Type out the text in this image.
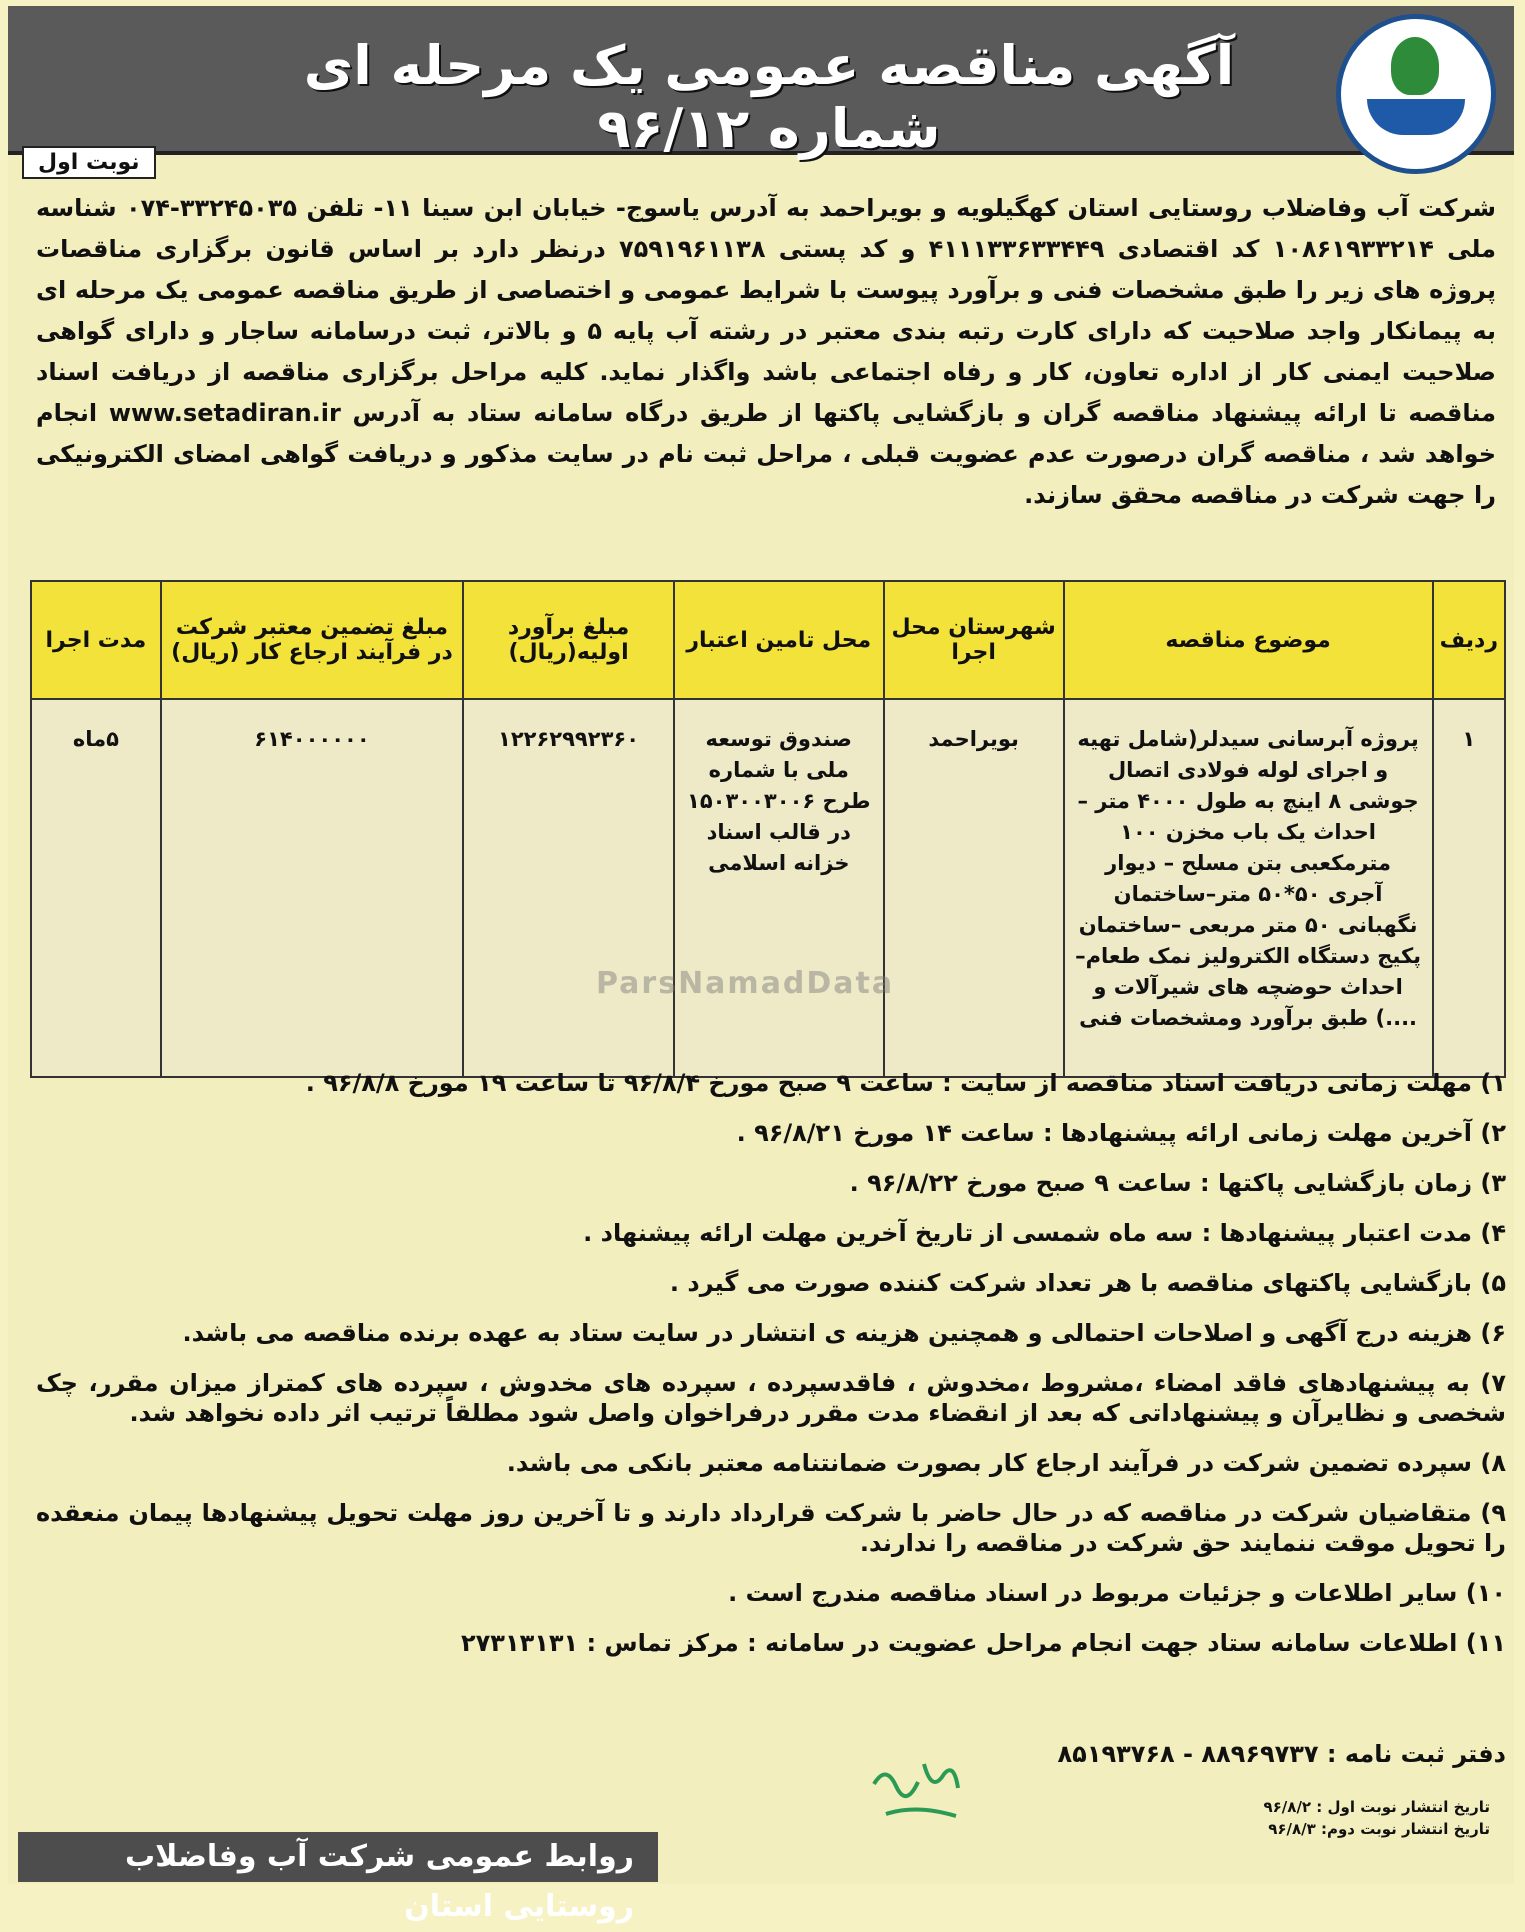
آگهی مناقصه عمومی یک مرحله ای شماره ۹۶/۱۲
نوبت اول
شرکت آب وفاضلاب روستایی استان کهگیلویه و بویراحمد به آدرس یاسوج- خیابان ابن سینا ۱۱- تلفن ۳۳۲۴۵۰۳۵-۰۷۴ شناسه ملی ۱۰۸۶۱۹۳۳۲۱۴ کد اقتصادی ۴۱۱۱۳۳۶۳۳۴۴۹ و کد پستی ۷۵۹۱۹۶۱۱۳۸ درنظر دارد بر اساس قانون برگزاری مناقصات پروژه های زیر را طبق مشخصات فنی و برآورد پیوست با شرایط عمومی و اختصاصی از طریق مناقصه عمومی یک مرحله ای به پیمانکار واجد صلاحیت که دارای کارت رتبه بندی معتبر در رشته آب پایه ۵ و بالاتر، ثبت درسامانه ساجار و دارای گواهی صلاحیت ایمنی کار از اداره تعاون، کار و رفاه اجتماعی باشد واگذار نماید. کلیه مراحل برگزاری مناقصه از دریافت اسناد مناقصه تا ارائه پیشنهاد مناقصه گران و بازگشایی پاکتها از طریق درگاه سامانه ستاد به آدرس www.setadiran.ir انجام خواهد شد ، مناقصه گران درصورت عدم عضویت قبلی ، مراحل ثبت نام در سایت مذکور و دریافت گواهی امضای الکترونیکی را جهت شرکت در مناقصه محقق سازند.
ردیف	موضوع مناقصه	شهرستان محل اجرا	محل تامین اعتبار	مبلغ برآورد اولیه(ریال)	مبلغ تضمین معتبر شرکت در فرآیند ارجاع کار (ریال)	مدت اجرا
۱	پروژه آبرسانی سیدلر(شامل تهیه و اجرای لوله فولادی اتصال جوشی ۸ اینچ به طول ۴۰۰۰ متر –احداث یک باب مخزن ۱۰۰ مترمکعبی بتن مسلح – دیوار آجری ۵۰*۵۰ متر–ساختمان نگهبانی ۵۰ متر مربعی –ساختمان پکیج دستگاه الکترولیز نمک طعام–احداث حوضچه های شیرآلات و ....) طبق برآورد ومشخصات فنی	بویراحمد	صندوق توسعه ملی با شماره طرح ۱۵۰۳۰۰۳۰۰۶ در قالب اسناد خزانه اسلامی	۱۲۲۶۲۹۹۲۳۶۰	۶۱۴۰۰۰۰۰۰	۵ماه
ParsNamadData
۱) مهلت زمانی دریافت اسناد مناقصه از سایت : ساعت ۹ صبح مورخ ۹۶/۸/۴ تا ساعت ۱۹ مورخ ۹۶/۸/۸ .
۲) آخرین مهلت زمانی ارائه پیشنهادها : ساعت ۱۴ مورخ ۹۶/۸/۲۱ .
۳) زمان بازگشایی پاکتها : ساعت ۹ صبح مورخ ۹۶/۸/۲۲ .
۴) مدت اعتبار پیشنهادها : سه ماه شمسی از تاریخ آخرین مهلت ارائه پیشنهاد .
۵) بازگشایی پاکتهای مناقصه با هر تعداد شرکت کننده صورت می گیرد .
۶) هزینه درج آگهی و اصلاحات احتمالی و همچنین هزینه ی انتشار در سایت ستاد به عهده برنده مناقصه می باشد.
۷) به پیشنهادهای فاقد امضاء ،مشروط ،مخدوش ، فاقدسپرده ، سپرده های مخدوش ، سپرده های کمتراز میزان مقرر، چک شخصی و نظایرآن و پیشنهاداتی که بعد از انقضاء مدت مقرر درفراخوان واصل شود مطلقاً ترتیب اثر داده نخواهد شد.
۸) سپرده تضمین شرکت در فرآیند ارجاع کار بصورت ضمانتنامه معتبر بانکی می باشد.
۹) متقاضیان شرکت در مناقصه که در حال حاضر با شرکت قرارداد دارند و تا آخرین روز مهلت تحویل پیشنهادها پیمان منعقده را تحویل موقت ننمایند حق شرکت در مناقصه را ندارند.
۱۰) سایر اطلاعات و جزئیات مربوط در اسناد مناقصه مندرج است .
۱۱) اطلاعات سامانه ستاد جهت انجام مراحل عضویت در سامانه : مرکز تماس : ۲۷۳۱۳۱۳۱
دفتر ثبت نامه : ۸۸۹۶۹۷۳۷ - ۸۵۱۹۳۷۶۸
تاریخ انتشار نوبت اول : ۹۶/۸/۲
تاریخ انتشار نوبت دوم: ۹۶/۸/۳
روابط عمومی شرکت آب وفاضلاب روستایی استان
